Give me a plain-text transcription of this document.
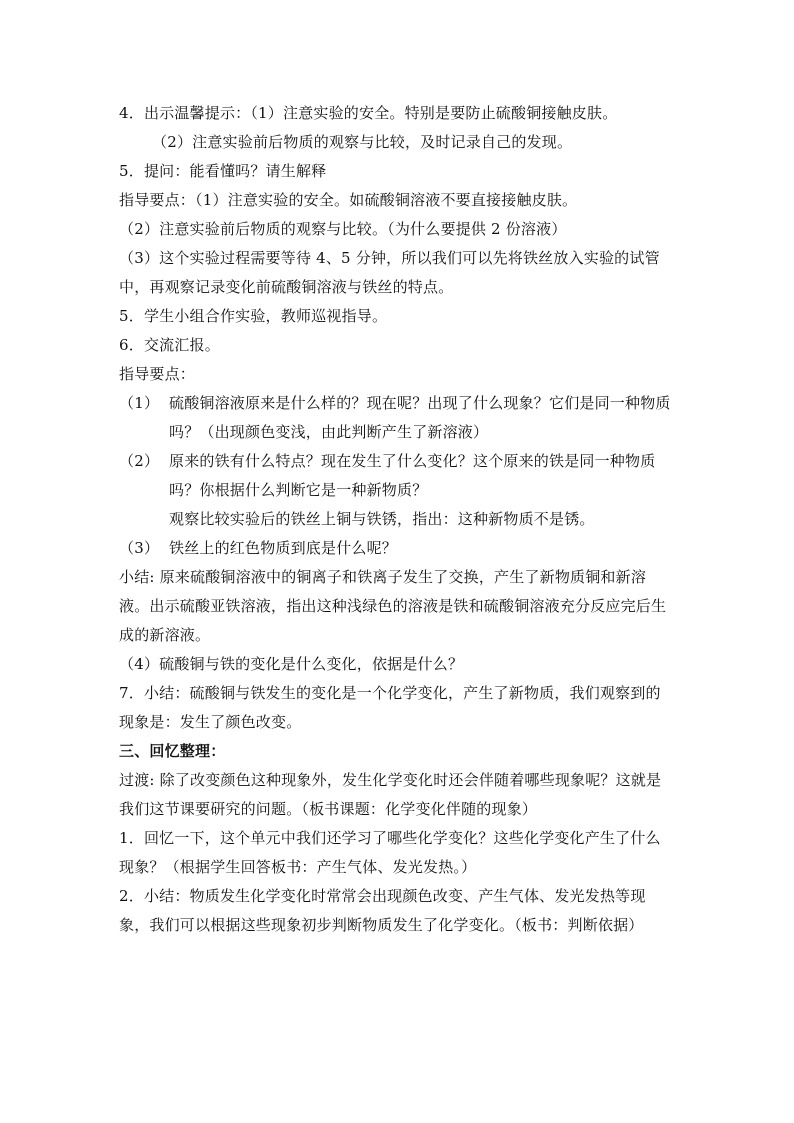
4．出示温馨提示：（1）注意实验的安全。特别是要防止硫酸铜接触皮肤。

（2）注意实验前后物质的观察与比较，及时记录自己的发现。

5．提问：能看懂吗？请生解释

指导要点：（1）注意实验的安全。如硫酸铜溶液不要直接接触皮肤。

（2）注意实验前后物质的观察与比较。（为什么要提供 2 份溶液）

（3）这个实验过程需要等待 4、5 分钟，所以我们可以先将铁丝放入实验的试管中，再观察记录变化前硫酸铜溶液与铁丝的特点。

5．学生小组合作实验，教师巡视指导。

6．交流汇报。

指导要点：

（1） 硫酸铜溶液原来是什么样的？现在呢？出现了什么现象？它们是同一种物质吗？（出现颜色变浅，由此判断产生了新溶液）
（2） 原来的铁有什么特点？现在发生了什么变化？这个原来的铁是同一种物质吗？你根据什么判断它是一种新物质？

观察比较实验后的铁丝上铜与铁锈，指出：这种新物质不是锈。

（3） 铁丝上的红色物质到底是什么呢？

小结: 原来硫酸铜溶液中的铜离子和铁离子发生了交换，产生了新物质铜和新溶液。出示硫酸亚铁溶液，指出这种浅绿色的溶液是铁和硫酸铜溶液充分反应完后生成的新溶液。

（4）硫酸铜与铁的变化是什么变化，依据是什么？

7．小结：硫酸铜与铁发生的变化是一个化学变化，产生了新物质，我们观察到的现象是：发生了颜色改变。

三、回忆整理：

过渡: 除了改变颜色这种现象外，发生化学变化时还会伴随着哪些现象呢？这就是我们这节课要研究的问题。（板书课题：化学变化伴随的现象）

1．回忆一下，这个单元中我们还学习了哪些化学变化？这些化学变化产生了什么现象？（根据学生回答板书：产生气体、发光发热。）

2．小结：物质发生化学变化时常常会出现颜色改变、产生气体、发光发热等现象，我们可以根据这些现象初步判断物质发生了化学变化。（板书：判断依据）
